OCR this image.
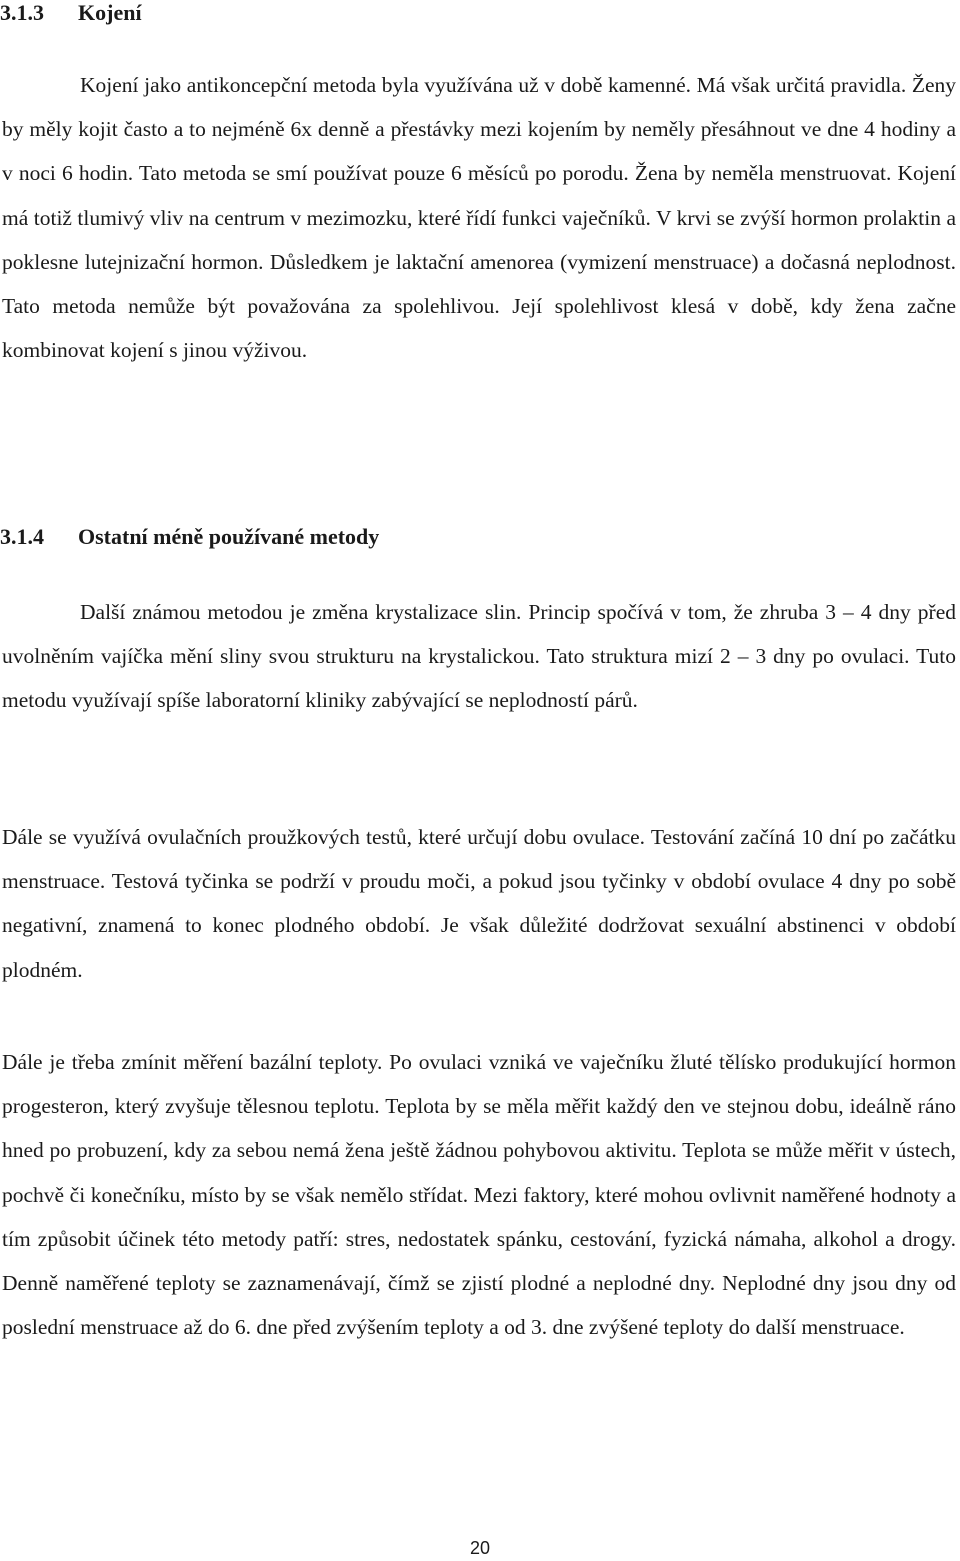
3.1.3 Kojení

Kojení jako antikoncepční metoda byla využívána už v době kamenné. Má však určitá pravidla. Ženy by měly kojit často a to nejméně 6x denně a přestávky mezi kojením by neměly přesáhnout ve dne 4 hodiny a v noci 6 hodin. Tato metoda se smí používat pouze 6 měsíců po porodu. Žena by neměla menstruovat. Kojení má totiž tlumivý vliv na centrum v mezimozku, které řídí funkci vaječníků. V krvi se zvýší hormon prolaktin a poklesne lutejnizační hormon. Důsledkem je laktační amenorea (vymizení menstruace) a dočasná neplodnost. Tato metoda nemůže být považována za spolehlivou. Její spolehlivost klesá v době, kdy žena začne kombinovat kojení s jinou výživou.

3.1.4 Ostatní méně používané metody

Další známou metodou je změna krystalizace slin. Princip spočívá v tom, že zhruba 3 – 4 dny před uvolněním vajíčka mění sliny svou strukturu na krystalickou. Tato struktura mizí 2 – 3 dny po ovulaci. Tuto metodu využívají spíše laboratorní kliniky zabývající se neplodností párů.

Dále se využívá ovulačních proužkových testů, které určují dobu ovulace. Testování začíná 10 dní po začátku menstruace. Testová tyčinka se podrží v proudu moči, a pokud jsou tyčinky v období ovulace 4 dny po sobě negativní, znamená to konec plodného období. Je však důležité dodržovat sexuální abstinenci v období plodném.

Dále je třeba zmínit měření bazální teploty. Po ovulaci vzniká ve vaječníku žluté tělísko produkující hormon progesteron, který zvyšuje tělesnou teplotu. Teplota by se měla měřit každý den ve stejnou dobu, ideálně ráno hned po probuzení, kdy za sebou nemá žena ještě žádnou pohybovou aktivitu. Teplota se může měřit v ústech, pochvě či konečníku, místo by se však nemělo střídat. Mezi faktory, které mohou ovlivnit naměřené hodnoty a tím způsobit účinek této metody patří: stres, nedostatek spánku, cestování, fyzická námaha, alkohol a drogy. Denně naměřené teploty se zaznamenávají, čímž se zjistí plodné a neplodné dny. Neplodné dny jsou dny od poslední menstruace až do 6. dne před zvýšením teploty a od 3. dne zvýšené teploty do další menstruace.

20
